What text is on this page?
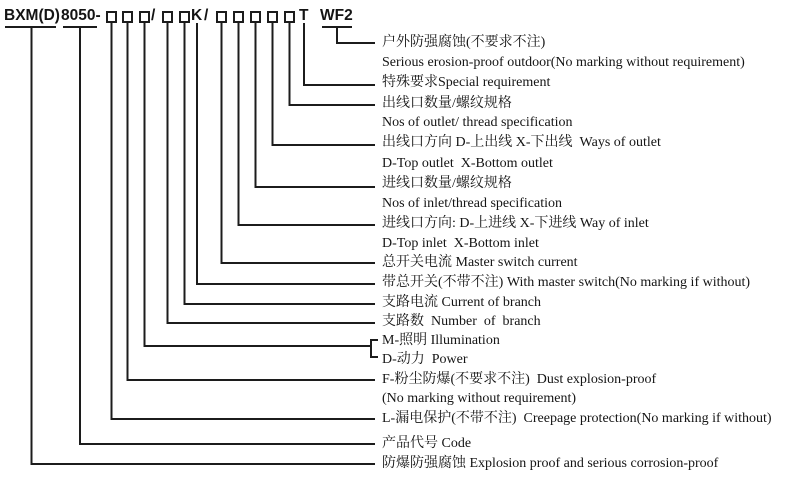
BXM(D) 8050-	/ K /	T WF2
户外防强腐蚀(不要求不注)
Serious erosion-proof outdoor(No marking without requirement)
特殊要求Special requirement
出线口数量/螺纹规格
Nos of outlet/ thread specification
出线口方向 D-上出线 X-下出线  Ways of outlet
D-Top outlet  X-Bottom outlet
进线口数量/螺纹规格
Nos of inlet/thread specification
进线口方向: D-上进线 X-下进线 Way of inlet
D-Top inlet  X-Bottom inlet
总开关电流 Master switch current
带总开关(不带不注) With master switch(No marking if without)
支路电流 Current of branch
支路数  Number  of  branch
M-照明 Illumination
D-动力  Power
F-粉尘防爆(不要求不注)  Dust explosion-proof
(No marking without requirement)
L-漏电保护(不带不注)  Creepage protection(No marking if without)
产品代号 Code
防爆防强腐蚀 Explosion proof and serious corrosion-proof
